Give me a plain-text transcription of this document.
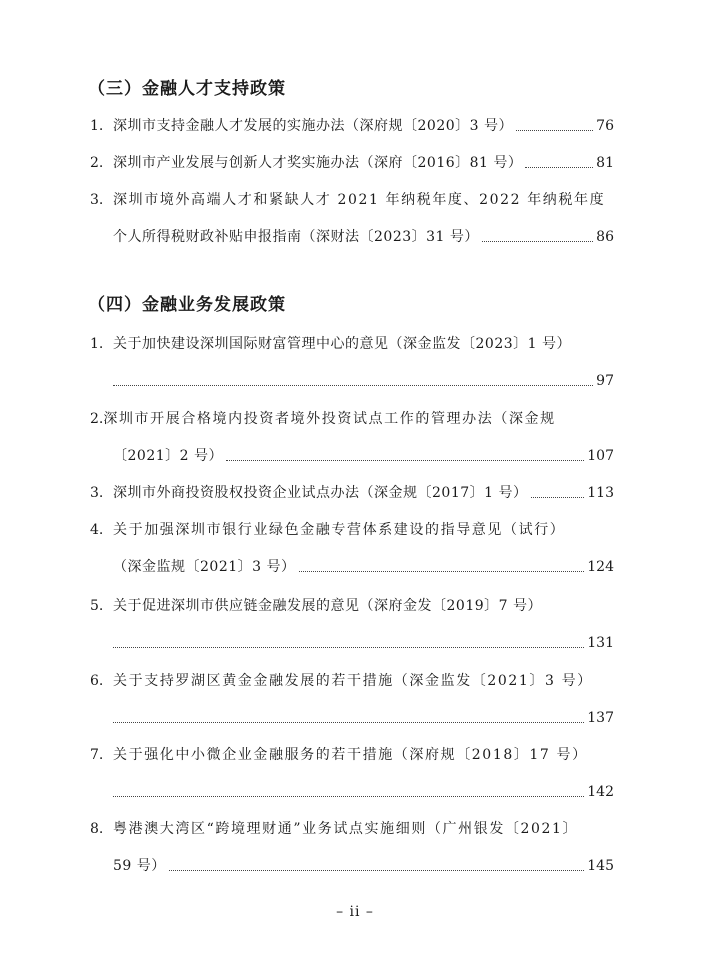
（三）金融人才支持政策
1. 深圳市支持金融人才发展的实施办法（深府规〔2020〕3 号）	76
2. 深圳市产业发展与创新人才奖实施办法（深府〔2016〕81 号）	81
3. 深圳市境外高端人才和紧缺人才 2021 年纳税年度、2022 年纳税年度
个人所得税财政补贴申报指南（深财法〔2023〕31 号）	86
（四）金融业务发展政策
1. 关于加快建设深圳国际财富管理中心的意见（深金监发〔2023〕1 号）
97
2. 深圳市开展合格境内投资者境外投资试点工作的管理办法（深金规
〔2021〕2 号）	107
3. 深圳市外商投资股权投资企业试点办法（深金规〔2017〕1 号）	113
4. 关于加强深圳市银行业绿色金融专营体系建设的指导意见（试行）
（深金监规〔2021〕3 号）	124
5. 关于促进深圳市供应链金融发展的意见（深府金发〔2019〕7 号）
131
6. 关于支持罗湖区黄金金融发展的若干措施（深金监发〔2021〕3 号）
137
7. 关于强化中小微企业金融服务的若干措施（深府规〔2018〕17 号）
142
8. 粤港澳大湾区“跨境理财通”业务试点实施细则（广州银发〔2021〕
59 号）	145
– ii –
